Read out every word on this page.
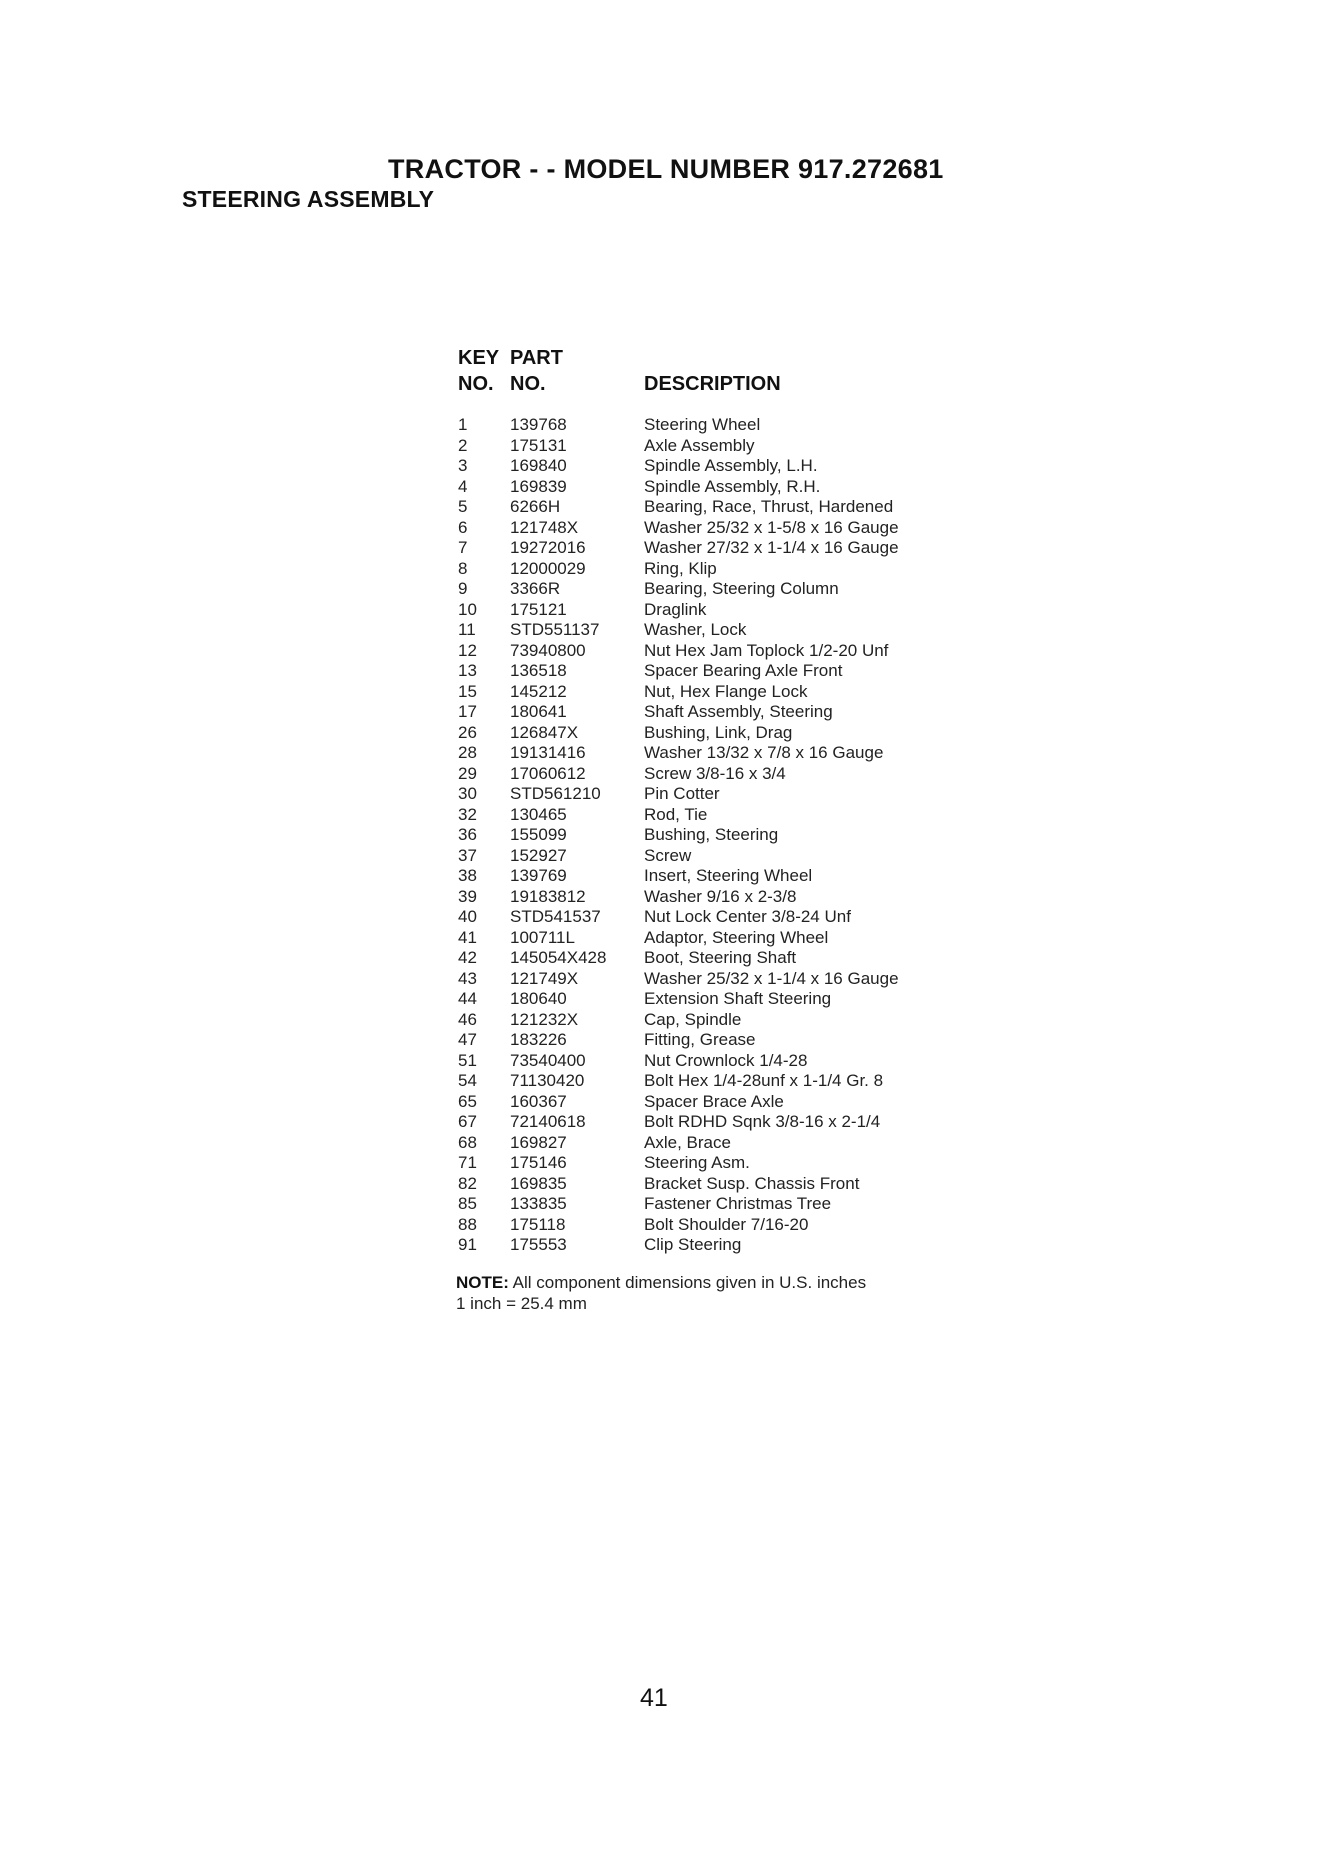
TRACTOR - - MODEL NUMBER 917.272681
STEERING ASSEMBLY
KEY PART
NO. NO.	DESCRIPTION
1	139768	Steering Wheel
2	175131	Axle Assembly
3	169840	Spindle Assembly, L.H.
4	169839	Spindle Assembly, R.H.
5	6266H	Bearing, Race, Thrust, Hardened
6	121748X	Washer 25/32 x 1-5/8 x 16 Gauge
7	19272016	Washer 27/32 x 1-1/4 x 16 Gauge
8	12000029	Ring, Klip
9	3366R	Bearing, Steering Column
10 175121	Draglink
11 STD551137	Washer, Lock
12 73940800	Nut Hex Jam Toplock 1/2-20 Unf
13 136518	Spacer Bearing Axle Front
15 145212	Nut, Hex Flange Lock
17 180641	Shaft Assembly, Steering
26 126847X	Bushing, Link, Drag
28 19131416	Washer 13/32 x 7/8 x 16 Gauge
29 17060612	Screw 3/8-16 x 3/4
30 STD561210	Pin Cotter
32 130465	Rod, Tie
36 155099	Bushing, Steering
37 152927	Screw
38 139769	Insert, Steering Wheel
39 19183812	Washer 9/16 x 2-3/8
40 STD541537	Nut Lock Center 3/8-24 Unf
41 100711L	Adaptor, Steering Wheel
42 145054X428 Boot, Steering Shaft
43 121749X	Washer 25/32 x 1-1/4 x 16 Gauge
44 180640	Extension Shaft Steering
46 121232X	Cap, Spindle
47 183226	Fitting, Grease
51 73540400	Nut Crownlock 1/4-28
54 71130420	Bolt Hex 1/4-28unf x 1-1/4 Gr. 8
65 160367	Spacer Brace Axle
67 72140618	Bolt RDHD Sqnk 3/8-16 x 2-1/4
68 169827	Axle, Brace
71 175146	Steering Asm.
82 169835	Bracket Susp. Chassis Front
85 133835	Fastener Christmas Tree
88 175118	Bolt Shoulder 7/16-20
91 175553	Clip Steering
NOTE: All component dimensions given in U.S. inches
1 inch = 25.4 mm
41
